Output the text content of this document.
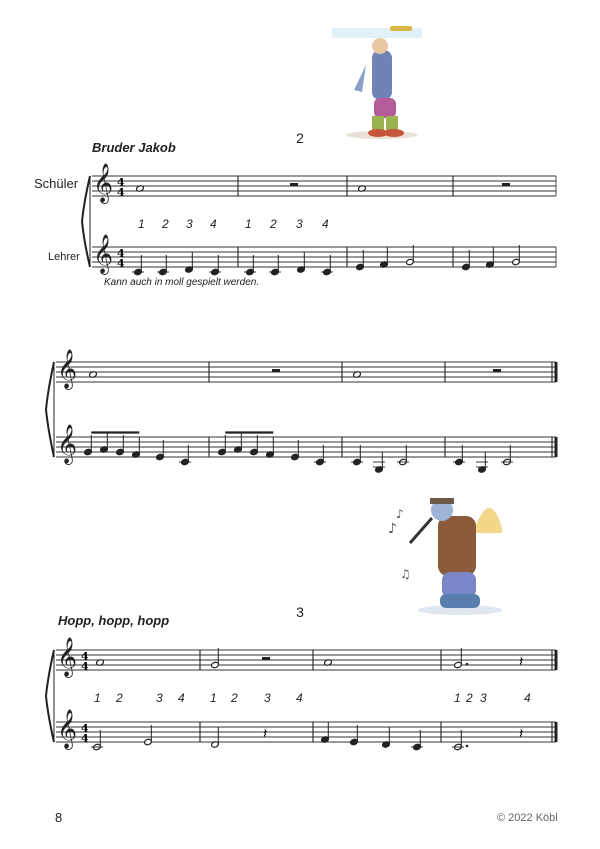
♪
♪
♫
2
Bruder Jakob
Schüler
Lehrer
Kann auch in moll gespielt werden.
1 2 3 4 1 2 3 4
3
Hopp, hopp, hopp
1 2	3 4 1 2 3 4	1 2 3	4
8	© 2022 Köbl
𝄞
𝄞
4
4
4
4
𝄞
𝄞
𝄞
𝄞
4
4
4
4
𝄽
𝄽	𝄽
